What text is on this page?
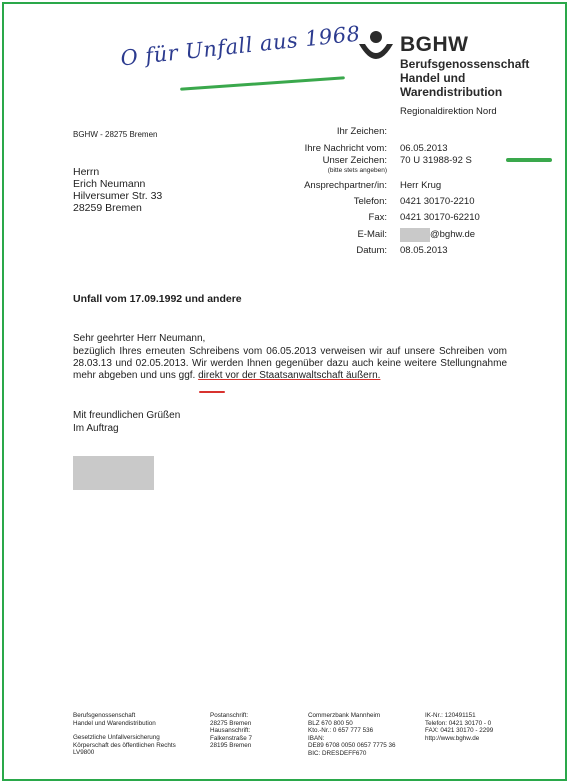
O für Unfall aus 1968 BGHW
Berufsgenossenschaft
Handel und
Warendistribution
Regionaldirektion Nord
BGHW - 28275 Bremen
Herrn
Erich Neumann
Hilversumer Str. 33
28259 Bremen
Ihr Zeichen:
Ihre Nachricht vom: 06.05.2013
Unser Zeichen:
(bitte stets angeben)
70 U 31988-92 S
Ansprechpartner/in: Herr Krug
Telefon: 0421 30170-2210
Fax: 0421 30170-62210
E-Mail:	@bghw.de
Datum: 08.05.2013
Unfall vom 17.09.1992 und andere
Sehr geehrter Herr Neumann,
bezüglich Ihres erneuten Schreibens vom 06.05.2013 verweisen wir auf unsere Schreiben vom 28.03.13 und 02.05.2013. Wir werden Ihnen gegenüber dazu auch keine weitere Stellungnahme mehr abgeben und uns ggf. direkt vor der Staatsanwaltschaft äußern.
Mit freundlichen Grüßen
Im Auftrag
Berufsgenossenschaft
Handel und Warendistribution
Gesetzliche Unfallversicherung
Körperschaft des öffentlichen Rechts
LV9800
Postanschrift:
28275 Bremen
Hausanschrift:
Falkenstraße 7
28195 Bremen
Commerzbank Mannheim
BLZ 670 800 50
Kto.-Nr.: 0 657 777 536
IBAN:
DE89 6708 0050 0657 7775 36
BIC: DRESDEFF670
IK-Nr.: 120491151
Telefon: 0421 30170 - 0
FAX: 0421 30170 - 2299
http://www.bghw.de
